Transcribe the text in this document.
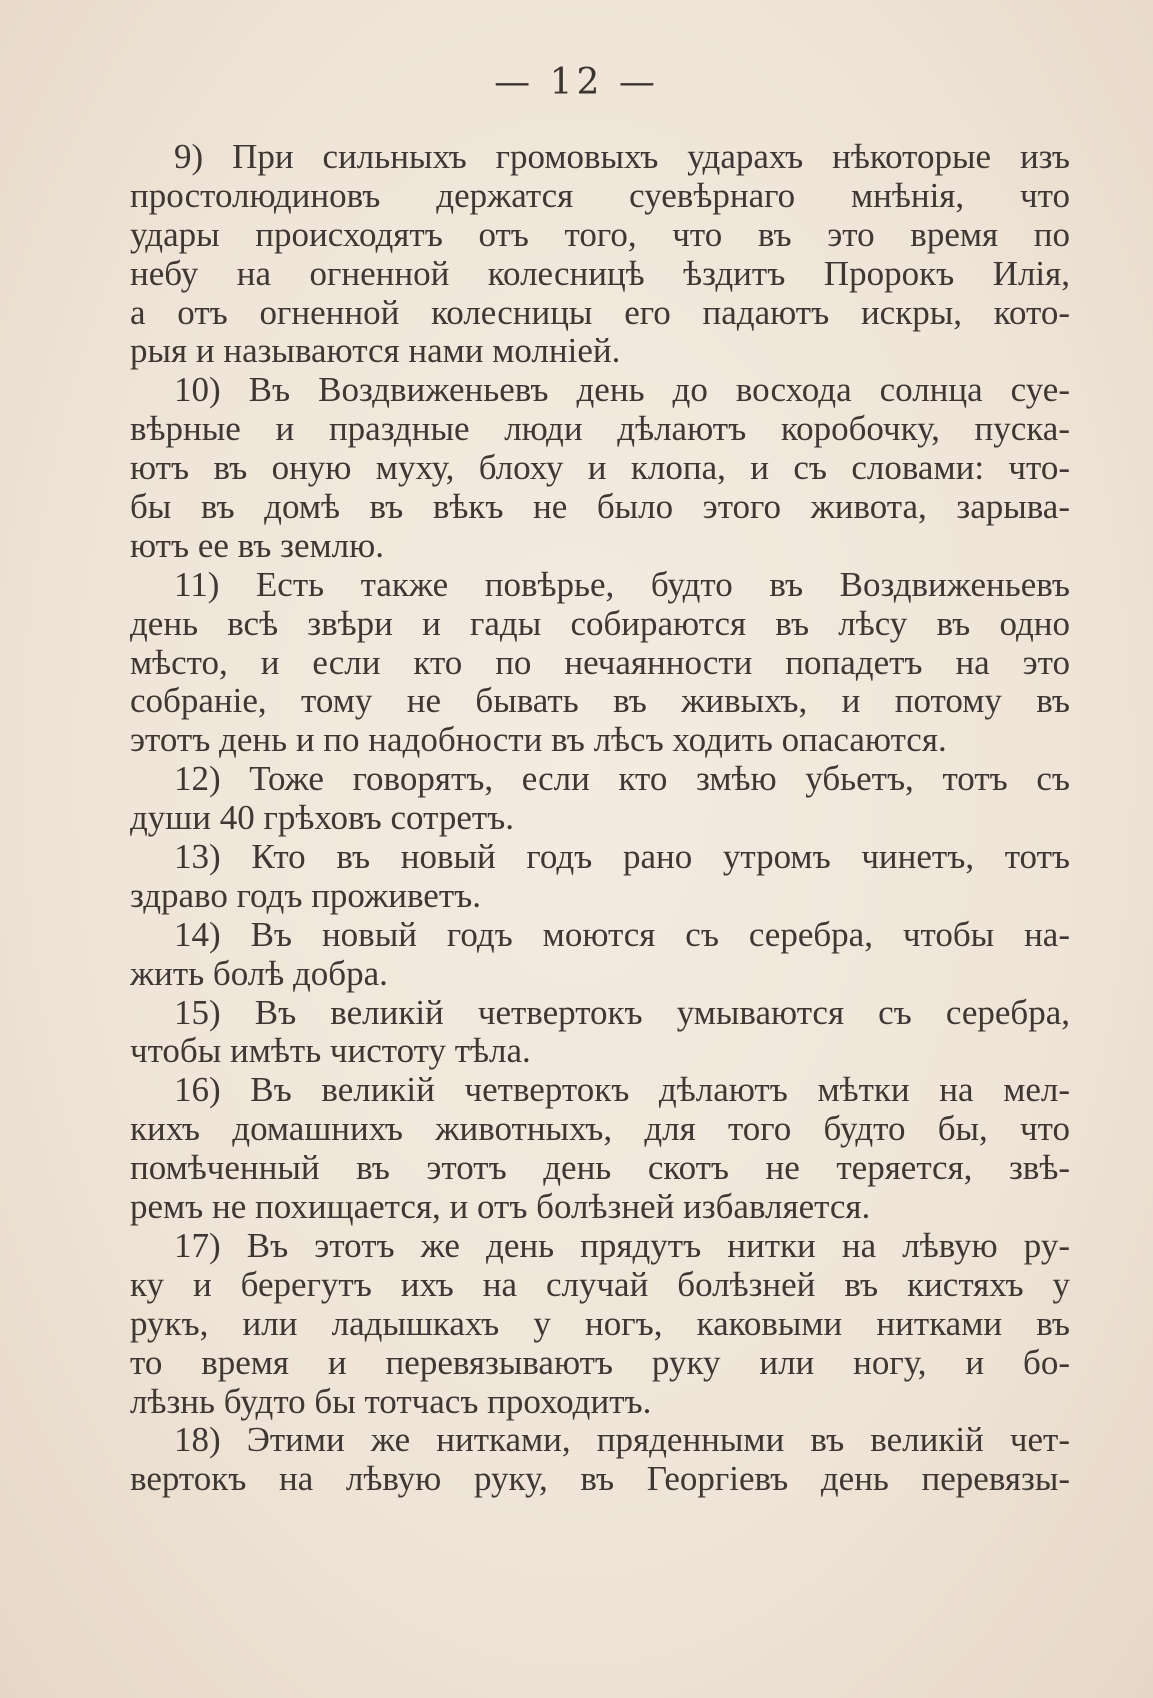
— 12 —
9) При сильныхъ громовыхъ ударахъ нѣкоторые изъ
простолюдиновъ держатся суевѣрнаго мнѣнія, что
удары происходятъ отъ того, что въ это время по
небу на огненной колесницѣ ѣздитъ Пророкъ Илія,
а отъ огненной колесницы его падаютъ искры, кото-
рыя и называются нами молніей.
10) Въ Воздвиженьевъ день до восхода солнца суе-
вѣрные и праздные люди дѣлаютъ коробочку, пуска-
ютъ въ оную муху, блоху и клопа, и съ словами: что-
бы въ домѣ въ вѣкъ не было этого живота, зарыва-
ютъ ее въ землю.
11) Есть также повѣрье, будто въ Воздвиженьевъ
день всѣ звѣри и гады собираются въ лѣсу въ одно
мѣсто, и если кто по нечаянности попадетъ на это
собраніе, тому не бывать въ живыхъ, и потому въ
этотъ день и по надобности въ лѣсъ ходить опасаются.
12) Тоже говорятъ, если кто змѣю убьетъ, тотъ съ
души 40 грѣховъ сотретъ.
13) Кто въ новый годъ рано утромъ чинетъ, тотъ
здраво годъ проживетъ.
14) Въ новый годъ моются съ серебра, чтобы на-
жить болѣ добра.
15) Въ великій четвертокъ умываются съ серебра,
чтобы имѣть чистоту тѣла.
16) Въ великій четвертокъ дѣлаютъ мѣтки на мел-
кихъ домашнихъ животныхъ, для того будто бы, что
помѣченный въ этотъ день скотъ не теряется, звѣ-
ремъ не похищается, и отъ болѣзней избавляется.
17) Въ этотъ же день прядутъ нитки на лѣвую ру-
ку и берегутъ ихъ на случай болѣзней въ кистяхъ у
рукъ, или ладышкахъ у ногъ, каковыми нитками въ
то время и перевязываютъ руку или ногу, и бо-
лѣзнь будто бы тотчасъ проходитъ.
18) Этими же нитками, пряденными въ великій чет-
вертокъ на лѣвую руку, въ Георгіевъ день перевязы-
